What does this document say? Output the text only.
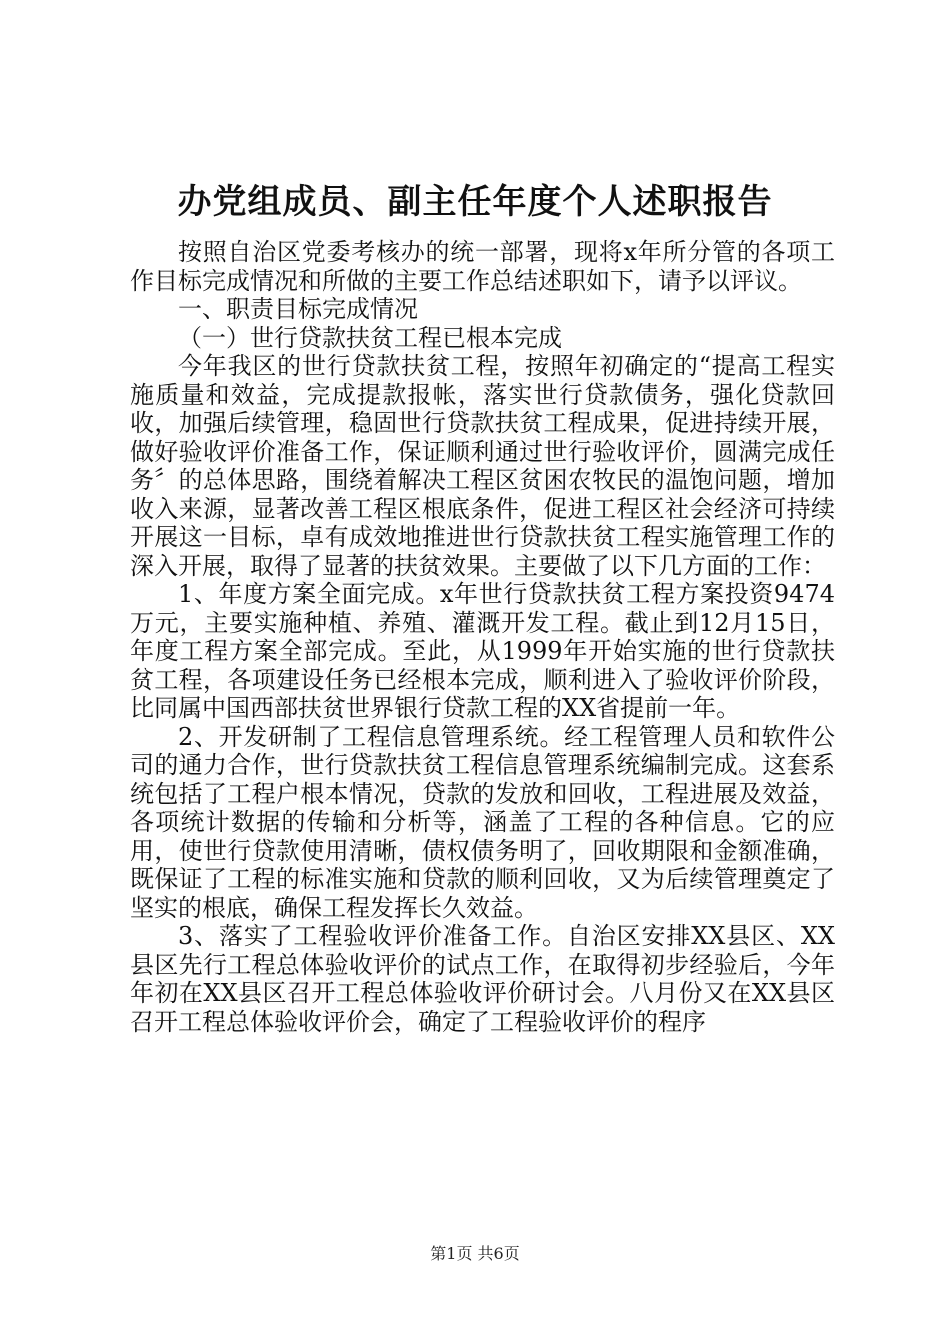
办党组成员、副主任年度个人述职报告

按照自治区党委考核办的统一部署，现将x年所分管的各项工作目标完成情况和所做的主要工作总结述职如下，请予以评议。

一、职责目标完成情况

（一）世行贷款扶贫工程已根本完成

今年我区的世行贷款扶贫工程，按照年初确定的“提高工程实施质量和效益，完成提款报帐，落实世行贷款债务，强化贷款回收，加强后续管理，稳固世行贷款扶贫工程成果，促进持续开展，做好验收评价准备工作，保证顺利通过世行验收评价，圆满完成任务〞的总体思路，围绕着解决工程区贫困农牧民的温饱问题，增加收入来源，显著改善工程区根底条件，促进工程区社会经济可持续开展这一目标，卓有成效地推进世行贷款扶贫工程实施管理工作的深入开展，取得了显著的扶贫效果。主要做了以下几方面的工作：

1、年度方案全面完成。x年世行贷款扶贫工程方案投资9474万元，主要实施种植、养殖、灌溉开发工程。截止到12月15日，年度工程方案全部完成。至此，从1999年开始实施的世行贷款扶贫工程，各项建设任务已经根本完成，顺利进入了验收评价阶段，比同属中国西部扶贫世界银行贷款工程的XX省提前一年。

2、开发研制了工程信息管理系统。经工程管理人员和软件公司的通力合作，世行贷款扶贫工程信息管理系统编制完成。这套系统包括了工程户根本情况，贷款的发放和回收，工程进展及效益，各项统计数据的传输和分析等，涵盖了工程的各种信息。它的应用，使世行贷款使用清晰，债权债务明了，回收期限和金额准确，既保证了工程的标准实施和贷款的顺利回收，又为后续管理奠定了坚实的根底，确保工程发挥长久效益。

3、落实了工程验收评价准备工作。自治区安排XX县区、XX县区先行工程总体验收评价的试点工作，在取得初步经验后，今年年初在XX县区召开工程总体验收评价研讨会。八月份又在XX县区召开工程总体验收评价会，确定了工程验收评价的程序

第1页 共6页
